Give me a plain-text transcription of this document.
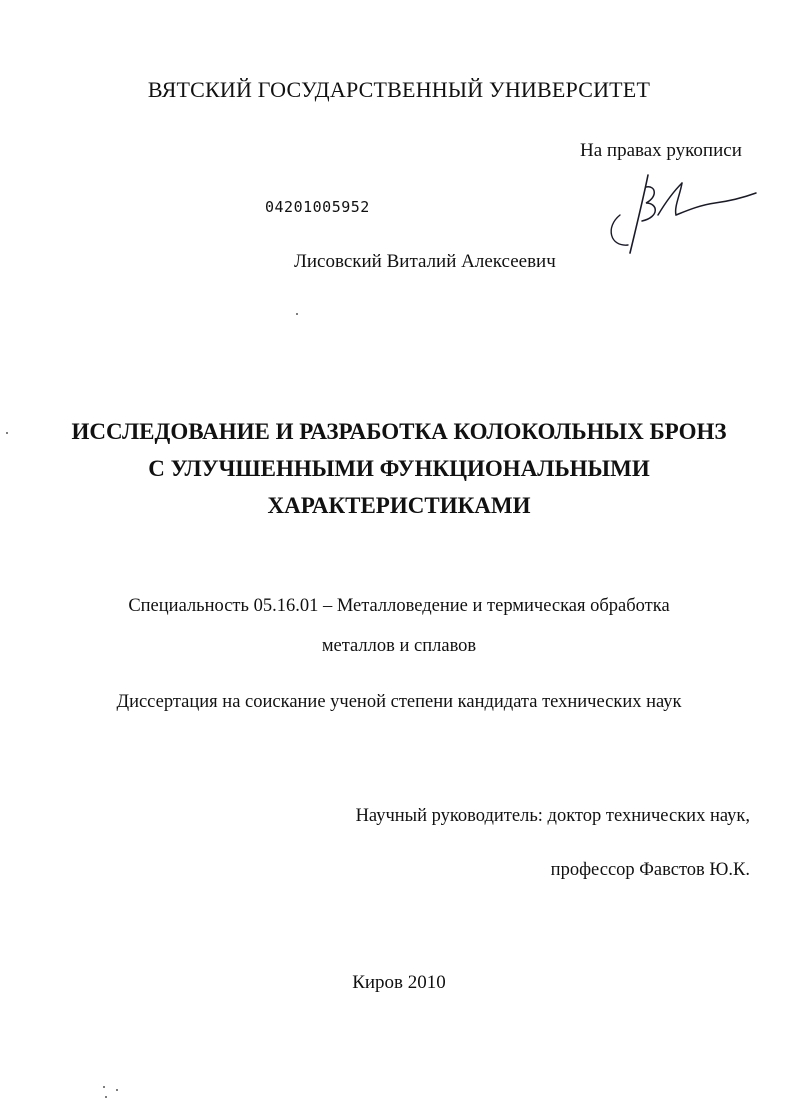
ВЯТСКИЙ ГОСУДАРСТВЕННЫЙ УНИВЕРСИТЕТ
На правах рукописи
04201005952
Лисовский Виталий Алексеевич
ИССЛЕДОВАНИЕ И РАЗРАБОТКА КОЛОКОЛЬНЫХ БРОНЗ
С УЛУЧШЕННЫМИ ФУНКЦИОНАЛЬНЫМИ
ХАРАКТЕРИСТИКАМИ
Специальность 05.16.01 – Металловедение и термическая обработка
металлов и сплавов
Диссертация на соискание ученой степени кандидата технических наук
Научный руководитель: доктор технических наук,
профессор Фавстов Ю.К.
Киров 2010
